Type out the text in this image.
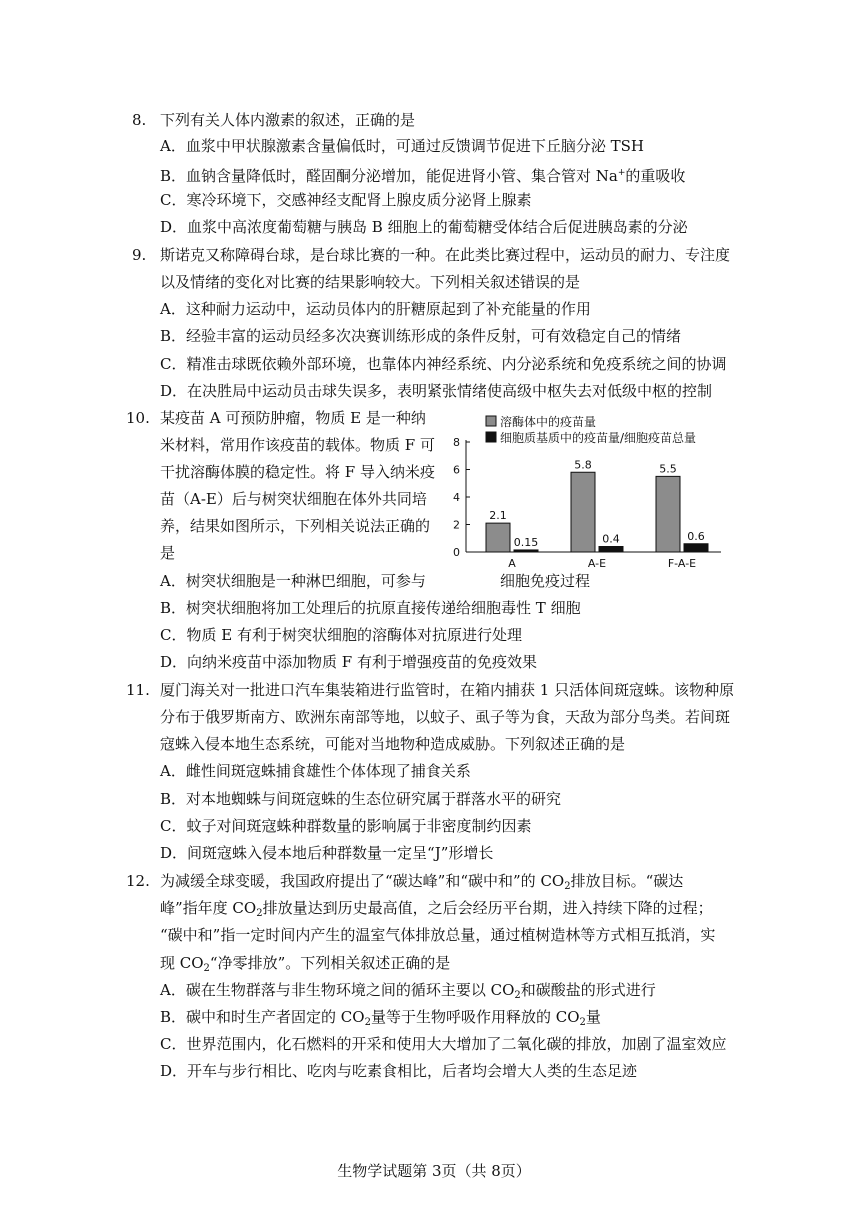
8. 下列有关人体内激素的叙述，正确的是
A．血浆中甲状腺激素含量偏低时，可通过反馈调节促进下丘脑分泌 TSH
B．血钠含量降低时，醛固酮分泌增加，能促进肾小管、集合管对 Na+的重吸收
C．寒冷环境下，交感神经支配肾上腺皮质分泌肾上腺素
D．血浆中高浓度葡萄糖与胰岛 B 细胞上的葡萄糖受体结合后促进胰岛素的分泌
9. 斯诺克又称障碍台球，是台球比赛的一种。在此类比赛过程中，运动员的耐力、专注度
以及情绪的变化对比赛的结果影响较大。下列相关叙述错误的是
A．这种耐力运动中，运动员体内的肝糖原起到了补充能量的作用
B．经验丰富的运动员经多次决赛训练形成的条件反射，可有效稳定自己的情绪
C．精准击球既依赖外部环境，也靠体内神经系统、内分泌系统和免疫系统之间的协调
D．在决胜局中运动员击球失误多，表明紧张情绪使高级中枢失去对低级中枢的控制
10. 某疫苗 A 可预防肿瘤，物质 E 是一种纳
米材料，常用作该疫苗的载体。物质 F 可
干扰溶酶体膜的稳定性。将 F 导入纳米疫
苗（A-E）后与树突状细胞在体外共同培
养，结果如图所示，下列相关说法正确的
是
A．树突状细胞是一种淋巴细胞，可参与	细胞免疫过程
B．树突状细胞将加工处理后的抗原直接传递给细胞毒性 T 细胞
C．物质 E 有利于树突状细胞的溶酶体对抗原进行处理
D．向纳米疫苗中添加物质 F 有利于增强疫苗的免疫效果
0
2
4
6
8
2.1
0.15
A
5.8
0.4
A-E
5.5
0.6
F-A-E
溶酶体中的疫苗量
细胞质基质中的疫苗量/细胞疫苗总量
11. 厦门海关对一批进口汽车集装箱进行监管时，在箱内捕获 1 只活体间斑寇蛛。该物种原
分布于俄罗斯南方、欧洲东南部等地，以蚊子、虱子等为食，天敌为部分鸟类。若间斑
寇蛛入侵本地生态系统，可能对当地物种造成威胁。下列叙述正确的是
A．雌性间斑寇蛛捕食雄性个体体现了捕食关系
B．对本地蜘蛛与间斑寇蛛的生态位研究属于群落水平的研究
C．蚊子对间斑寇蛛种群数量的影响属于非密度制约因素
D．间斑寇蛛入侵本地后种群数量一定呈“J”形增长
12. 为减缓全球变暖，我国政府提出了“碳达峰”和“碳中和”的 $CO_2$排放目标。“碳达
峰”指年度 $CO_2$排放量达到历史最高值，之后会经历平台期，进入持续下降的过程；
“碳中和”指一定时间内产生的温室气体排放总量，通过植树造林等方式相互抵消，实
现 $CO_2“$净零排放”。下列相关叙述正确的是
A．碳在生物群落与非生物环境之间的循环主要以 $CO_2$和碳酸盐的形式进行
B．碳中和时生产者固定的 $CO_2$量等于生物呼吸作用释放的 $CO_2$量
C．世界范围内，化石燃料的开采和使用大大增加了二氧化碳的排放，加剧了温室效应
D．开车与步行相比、吃肉与吃素食相比，后者均会增大人类的生态足迹
生物学试题第 3页（共 8页）
